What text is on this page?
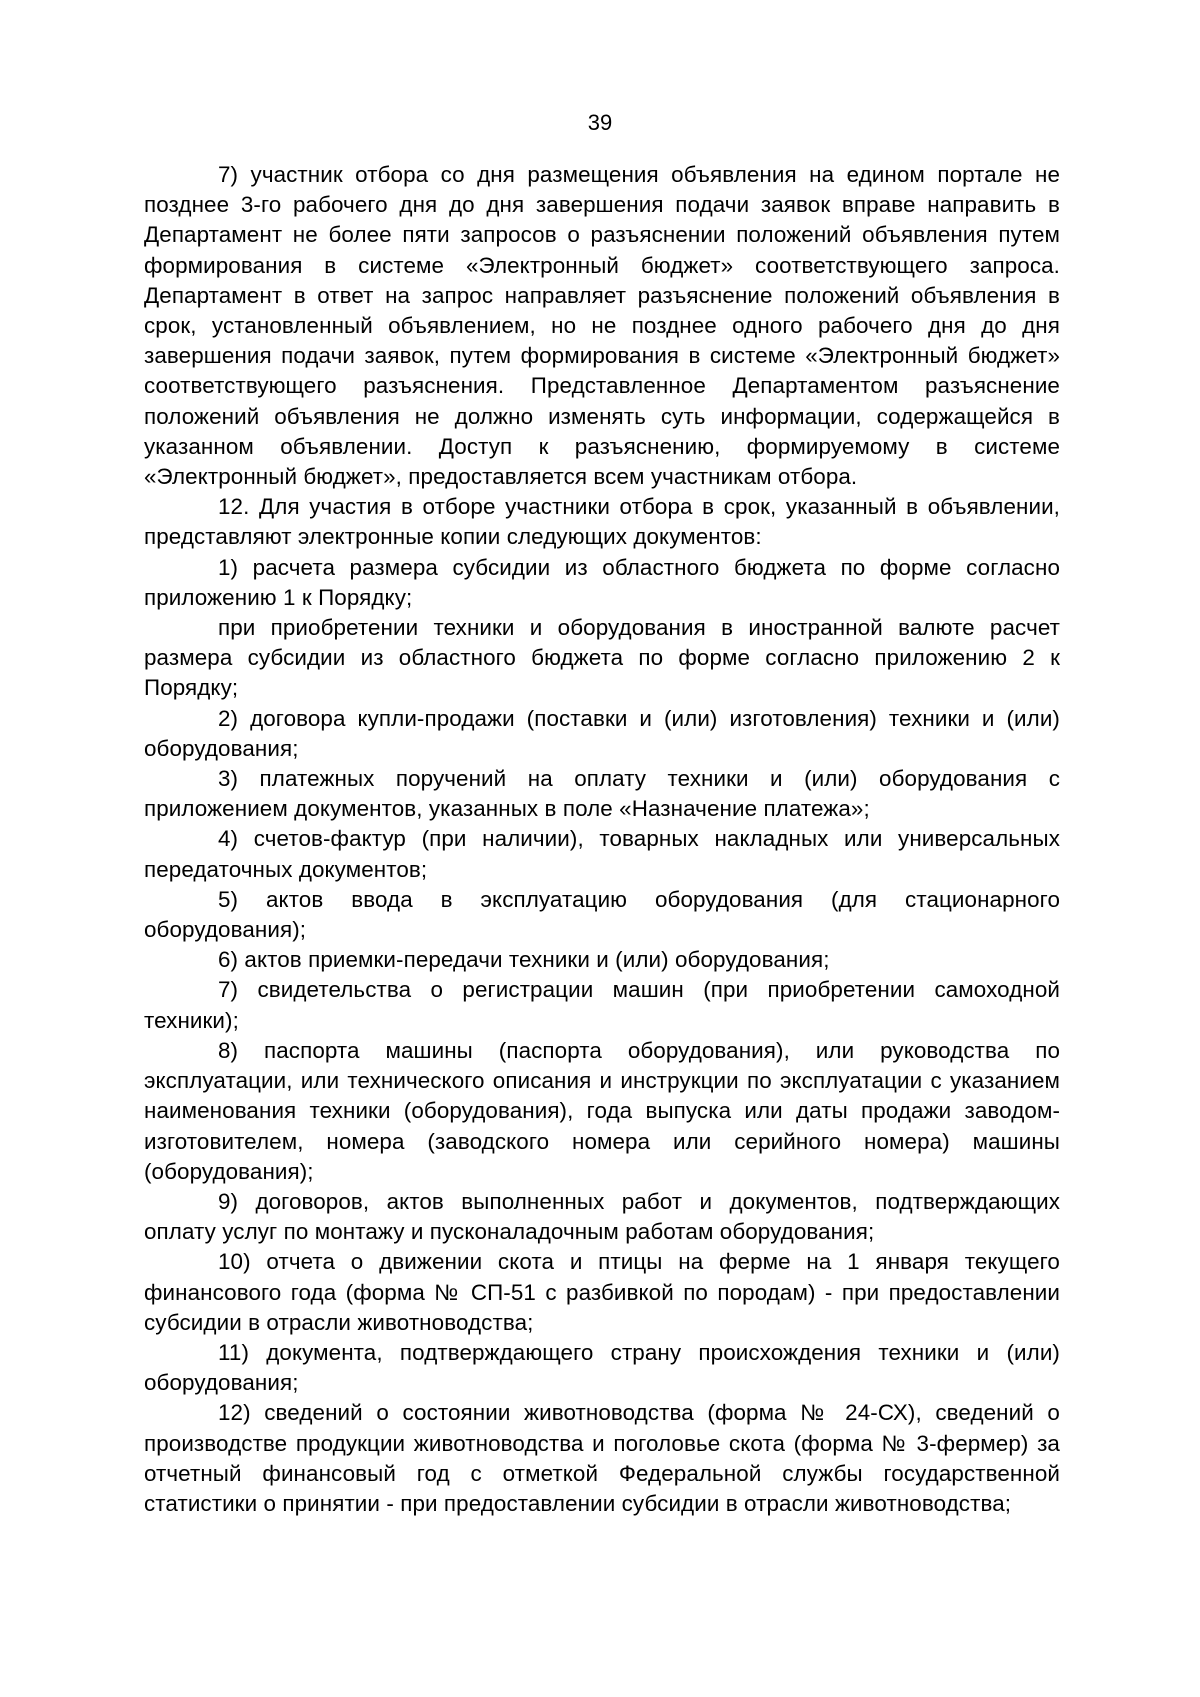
39

7) участник отбора со дня размещения объявления на едином портале не позднее 3-го рабочего дня до дня завершения подачи заявок вправе направить в Департамент не более пяти запросов о разъяснении положений объявления путем формирования в системе «Электронный бюджет» соответствующего запроса. Департамент в ответ на запрос направляет разъяснение положений объявления в срок, установленный объявлением, но не позднее одного рабочего дня до дня завершения подачи заявок, путем формирования в системе «Электронный бюджет» соответствующего разъяснения. Представленное Департаментом разъяснение положений объявления не должно изменять суть информации, содержащейся в указанном объявлении. Доступ к разъяснению, формируемому в системе «Электронный бюджет», предоставляется всем участникам отбора.

12. Для участия в отборе участники отбора в срок, указанный в объявлении, представляют электронные копии следующих документов:

1) расчета размера субсидии из областного бюджета по форме согласно приложению 1 к Порядку;

при приобретении техники и оборудования в иностранной валюте расчет размера субсидии из областного бюджета по форме согласно приложению 2 к Порядку;

2) договора купли-продажи (поставки и (или) изготовления) техники и (или) оборудования;

3) платежных поручений на оплату техники и (или) оборудования с приложением документов, указанных в поле «Назначение платежа»;

4) счетов-фактур (при наличии), товарных накладных или универсальных передаточных документов;

5) актов ввода в эксплуатацию оборудования (для стационарного оборудования);

6) актов приемки-передачи техники и (или) оборудования;

7) свидетельства о регистрации машин (при приобретении самоходной техники);

8) паспорта машины (паспорта оборудования), или руководства по эксплуатации, или технического описания и инструкции по эксплуатации с указанием наименования техники (оборудования), года выпуска или даты продажи заводом-изготовителем, номера (заводского номера или серийного номера) машины (оборудования);

9) договоров, актов выполненных работ и документов, подтверждающих оплату услуг по монтажу и пусконаладочным работам оборудования;

10) отчета о движении скота и птицы на ферме на 1 января текущего финансового года (форма № СП-51 с разбивкой по породам) - при предоставлении субсидии в отрасли животноводства;

11) документа, подтверждающего страну происхождения техники и (или) оборудования;

12) сведений о состоянии животноводства (форма № 24-СХ), сведений о производстве продукции животноводства и поголовье скота (форма № 3-фермер) за отчетный финансовый год с отметкой Федеральной службы государственной статистики о принятии - при предоставлении субсидии в отрасли животноводства;
